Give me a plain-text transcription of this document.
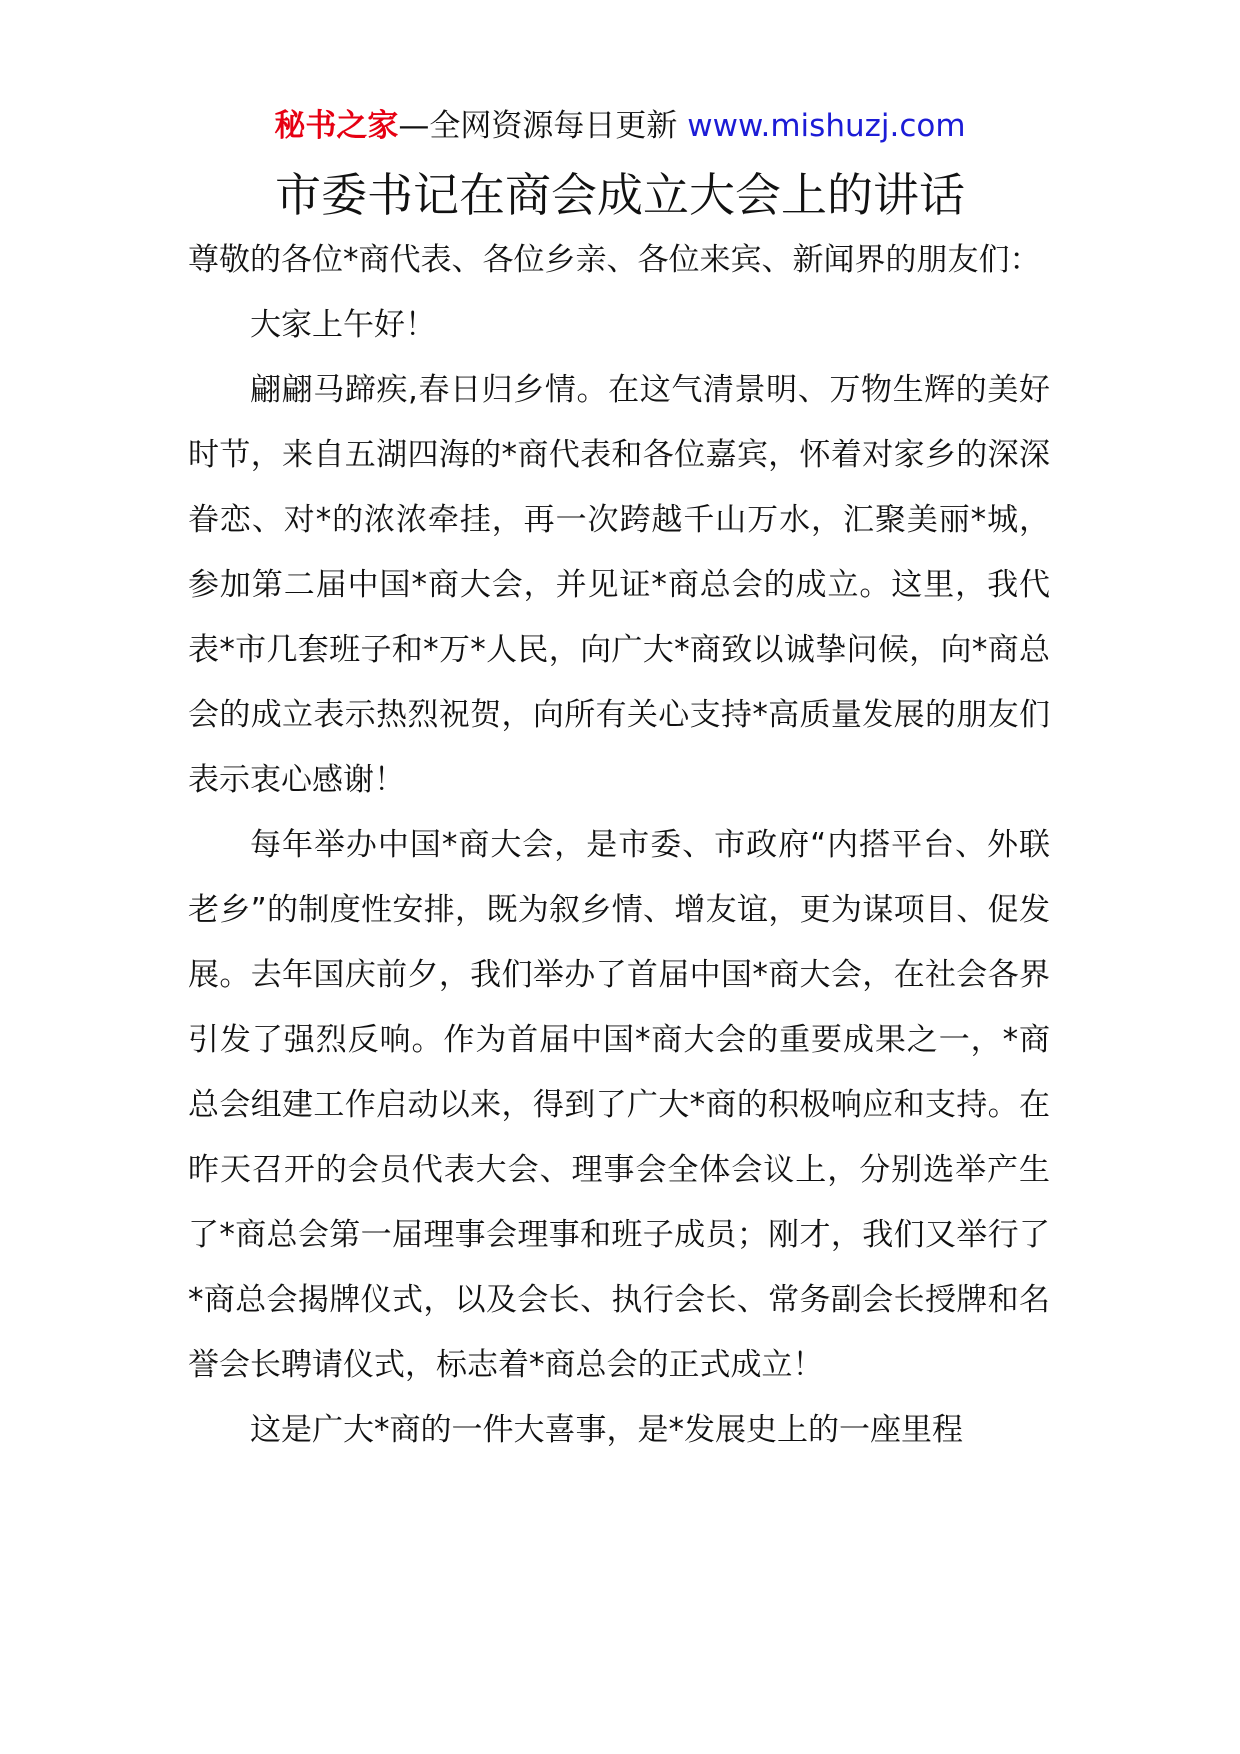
秘书之家—全网资源每日更新 www.mishuzj.com
市委书记在商会成立大会上的讲话

尊敬的各位*商代表、各位乡亲、各位来宾、新闻界的朋友们：

大家上午好！

翩翩马蹄疾,春日归乡情。在这气清景明、万物生辉的美好时节，来自五湖四海的*商代表和各位嘉宾，怀着对家乡的深深眷恋、对*的浓浓牵挂，再一次跨越千山万水，汇聚美丽*城，参加第二届中国*商大会，并见证*商总会的成立。这里，我代表*市几套班子和*万*人民，向广大*商致以诚挚问候，向*商总会的成立表示热烈祝贺，向所有关心支持*高质量发展的朋友们表示衷心感谢！

每年举办中国*商大会，是市委、市政府“内搭平台、外联老乡”的制度性安排，既为叙乡情、增友谊，更为谋项目、促发展。去年国庆前夕，我们举办了首届中国*商大会，在社会各界引发了强烈反响。作为首届中国*商大会的重要成果之一，*商总会组建工作启动以来，得到了广大*商的积极响应和支持。在昨天召开的会员代表大会、理事会全体会议上，分别选举产生了*商总会第一届理事会理事和班子成员；刚才，我们又举行了*商总会揭牌仪式，以及会长、执行会长、常务副会长授牌和名誉会长聘请仪式，标志着*商总会的正式成立！

这是广大*商的一件大喜事，是*发展史上的一座里程
